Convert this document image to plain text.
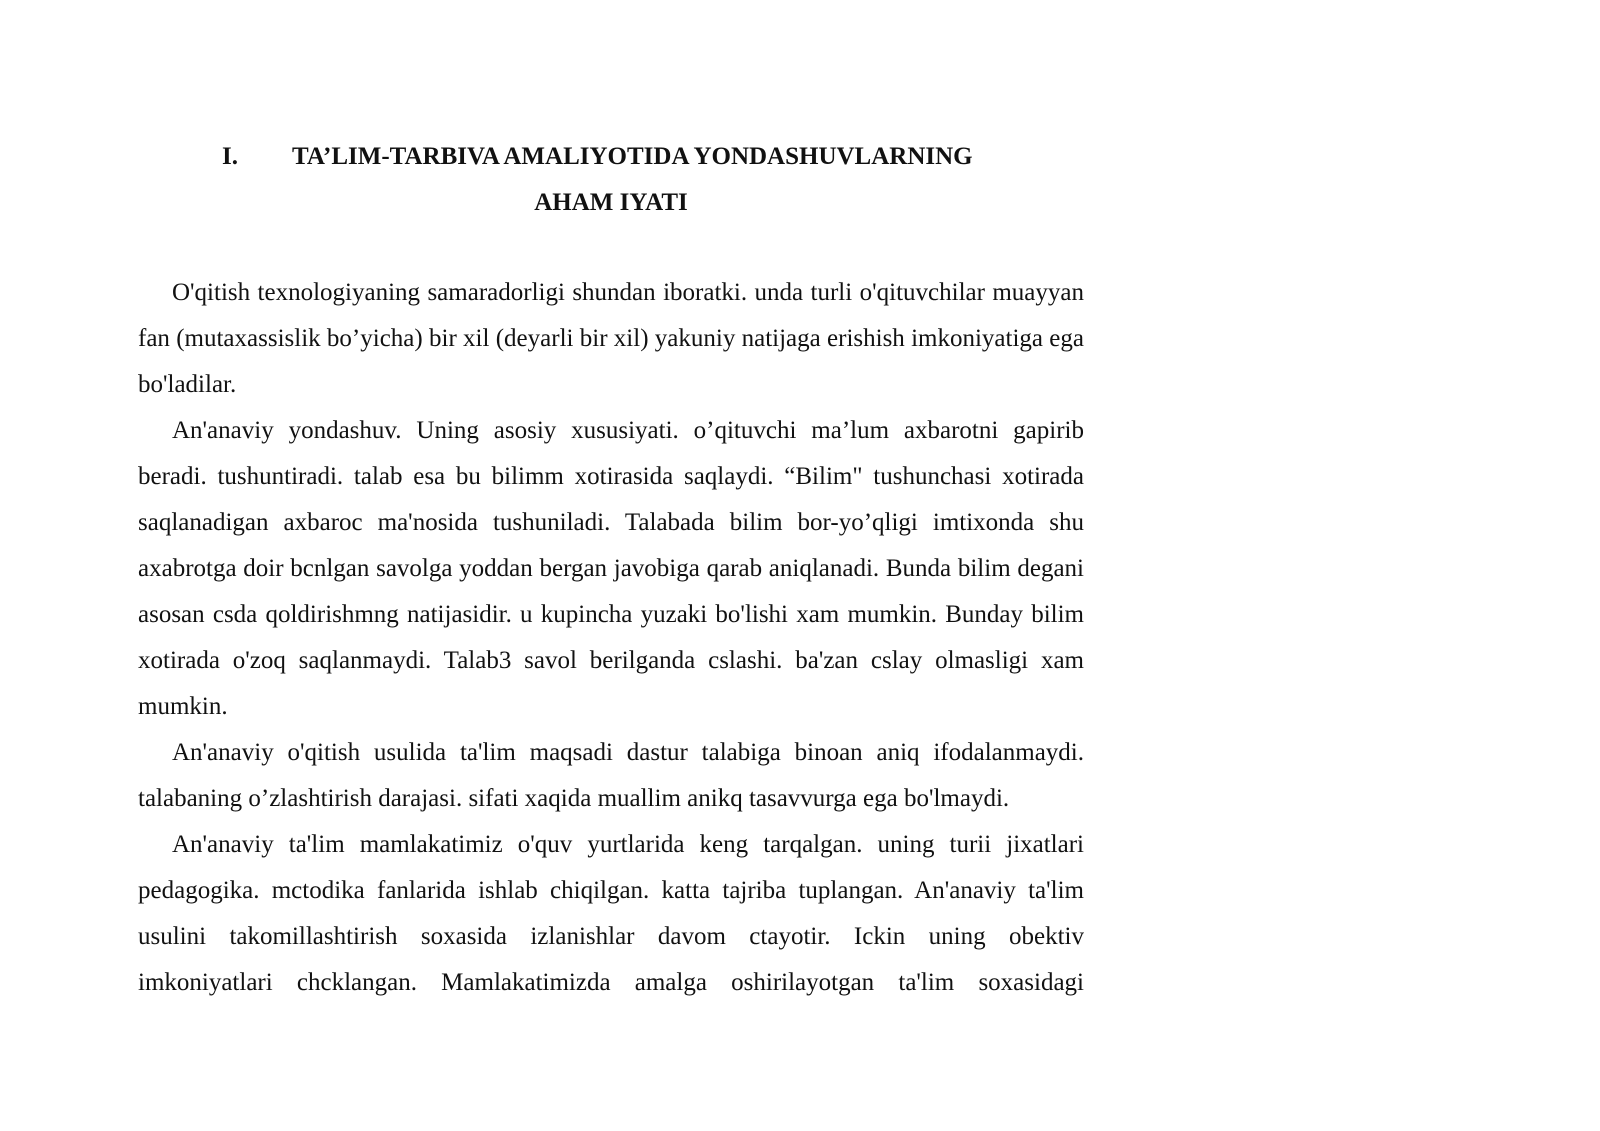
I.	TA’LIM-TARBIVA AMALIYOTIDA YONDASHUVLARNING
AHAM IYATI

O'qitish texnologiyaning samaradorligi shundan iboratki. unda turli o'qituvchilar muayyan fan (mutaxassislik bo’yicha) bir xil (deyarli bir xil) yakuniy natijaga erishish imkoniyatiga ega bo'ladilar.

An'anaviy yondashuv. Uning asosiy xususiyati. o’qituvchi ma’lum axbarotni gapirib beradi. tushuntiradi. talab esa bu bilimm xotirasida saqlaydi. “Bilim" tushunchasi xotirada saqlanadigan axbaroc ma'nosida tushuniladi. Talabada bilim bor-yo’qligi imtixonda shu axabrotga doir bcnlgan savolga yoddan bergan javobiga qarab aniqlanadi. Bunda bilim degani asosan csda qoldirishmng natijasidir. u kupincha yuzaki bo'lishi xam mumkin. Bunday bilim xotirada o'zoq saqlanmaydi. Talab3 savol berilganda cslashi. ba'zan cslay olmasligi xam mumkin.

An'anaviy o'qitish usulida ta'lim maqsadi dastur talabiga binoan aniq ifodalanmaydi. talabaning o’zlashtirish darajasi. sifati xaqida muallim anikq tasavvurga ega bo'lmaydi.

An'anaviy ta'lim mamlakatimiz o'quv yurtlarida keng tarqalgan. uning turii jixatlari pedagogika. mctodika fanlarida ishlab chiqilgan. katta tajriba tuplangan. An'anaviy ta'lim usulini takomillashtirish soxasida izlanishlar davom ctayotir. Ickin uning obektiv imkoniyatlari chcklangan. Mamlakatimizda amalga oshirilayotgan ta'lim soxasidagi
